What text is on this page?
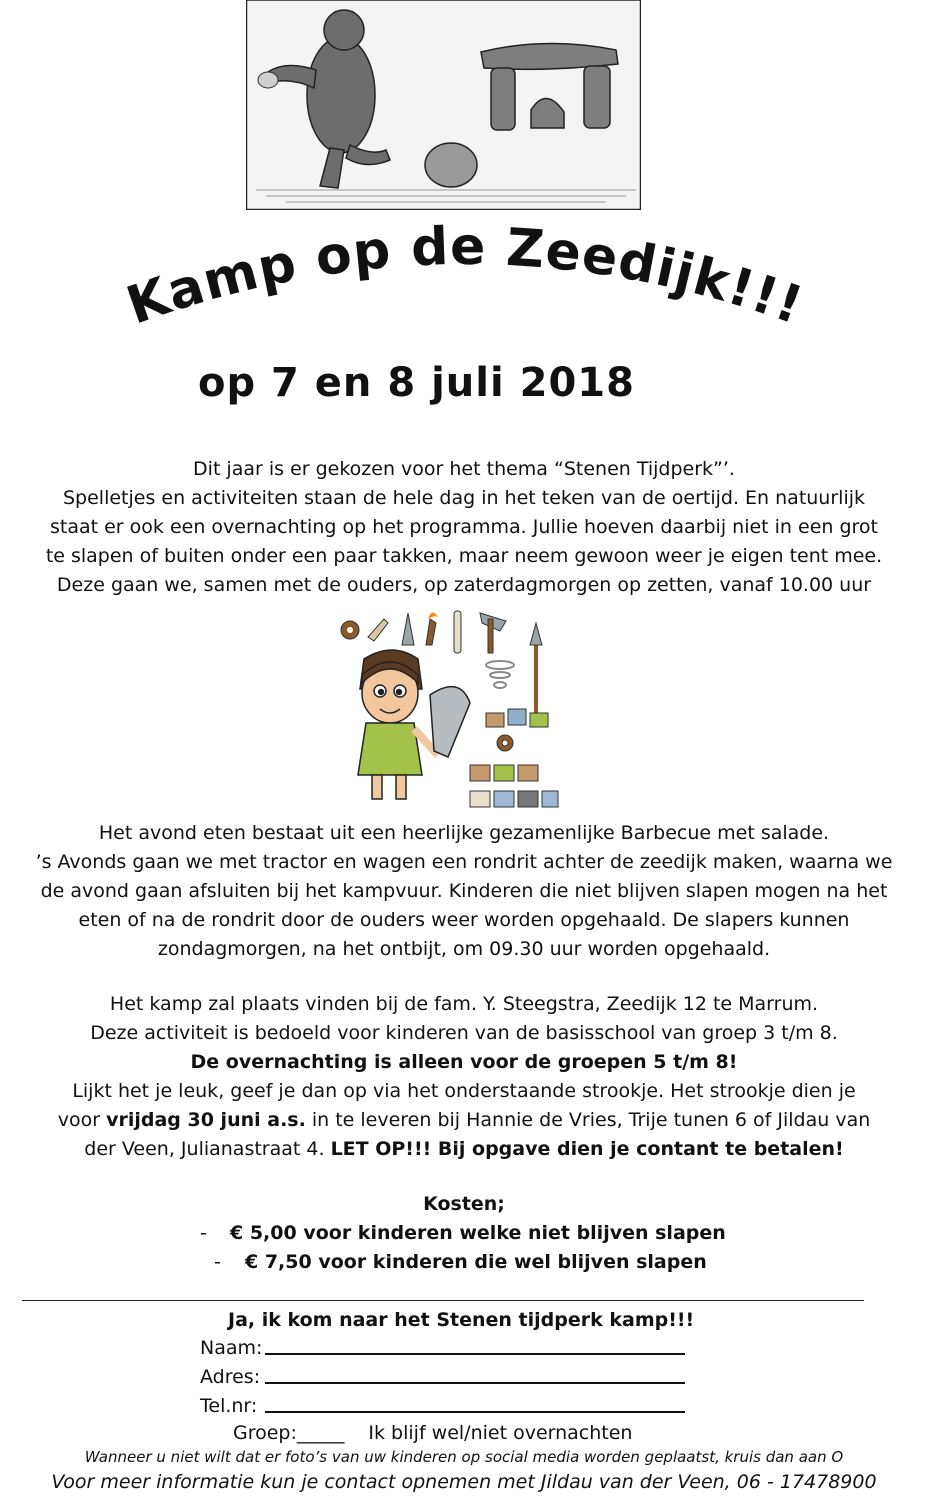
Kamp op de Zeedijk!!!
op 7 en 8 juli 2018
Dit jaar is er gekozen voor het thema “Stenen Tijdperk”’.
Spelletjes en activiteiten staan de hele dag in het teken van de oertijd. En natuurlijk
staat er ook een overnachting op het programma. Jullie hoeven daarbij niet in een grot
te slapen of buiten onder een paar takken, maar neem gewoon weer je eigen tent mee.
Deze gaan we, samen met de ouders, op zaterdagmorgen op zetten, vanaf 10.00 uur
Het avond eten bestaat uit een heerlijke gezamenlijke Barbecue met salade.
’s Avonds gaan we met tractor en wagen een rondrit achter de zeedijk maken, waarna we
de avond gaan afsluiten bij het kampvuur. Kinderen die niet blijven slapen mogen na het
eten of na de rondrit door de ouders weer worden opgehaald. De slapers kunnen
zondagmorgen, na het ontbijt, om 09.30 uur worden opgehaald.
Het kamp zal plaats vinden bij de fam. Y. Steegstra, Zeedijk 12 te Marrum.
Deze activiteit is bedoeld voor kinderen van de basisschool van groep 3 t/m 8.
De overnachting is alleen voor de groepen 5 t/m 8!
Lijkt het je leuk, geef je dan op via het onderstaande strookje. Het strookje dien je
voor vrijdag 30 juni a.s. in te leveren bij Hannie de Vries, Trije tunen 6 of Jildau van
der Veen, Julianastraat 4. LET OP!!! Bij opgave dien je contant te betalen!
Kosten;
- € 5,00 voor kinderen welke niet blijven slapen
- € 7,50 voor kinderen die wel blijven slapen
Ja, ik kom naar het Stenen tijdperk kamp!!!
Naam:
Adres:
Tel.nr:
Groep:_____ Ik blijf wel/niet overnachten
Wanneer u niet wilt dat er foto’s van uw kinderen op social media worden geplaatst, kruis dan aan O
Voor meer informatie kun je contact opnemen met Jildau van der Veen, 06 - 17478900
